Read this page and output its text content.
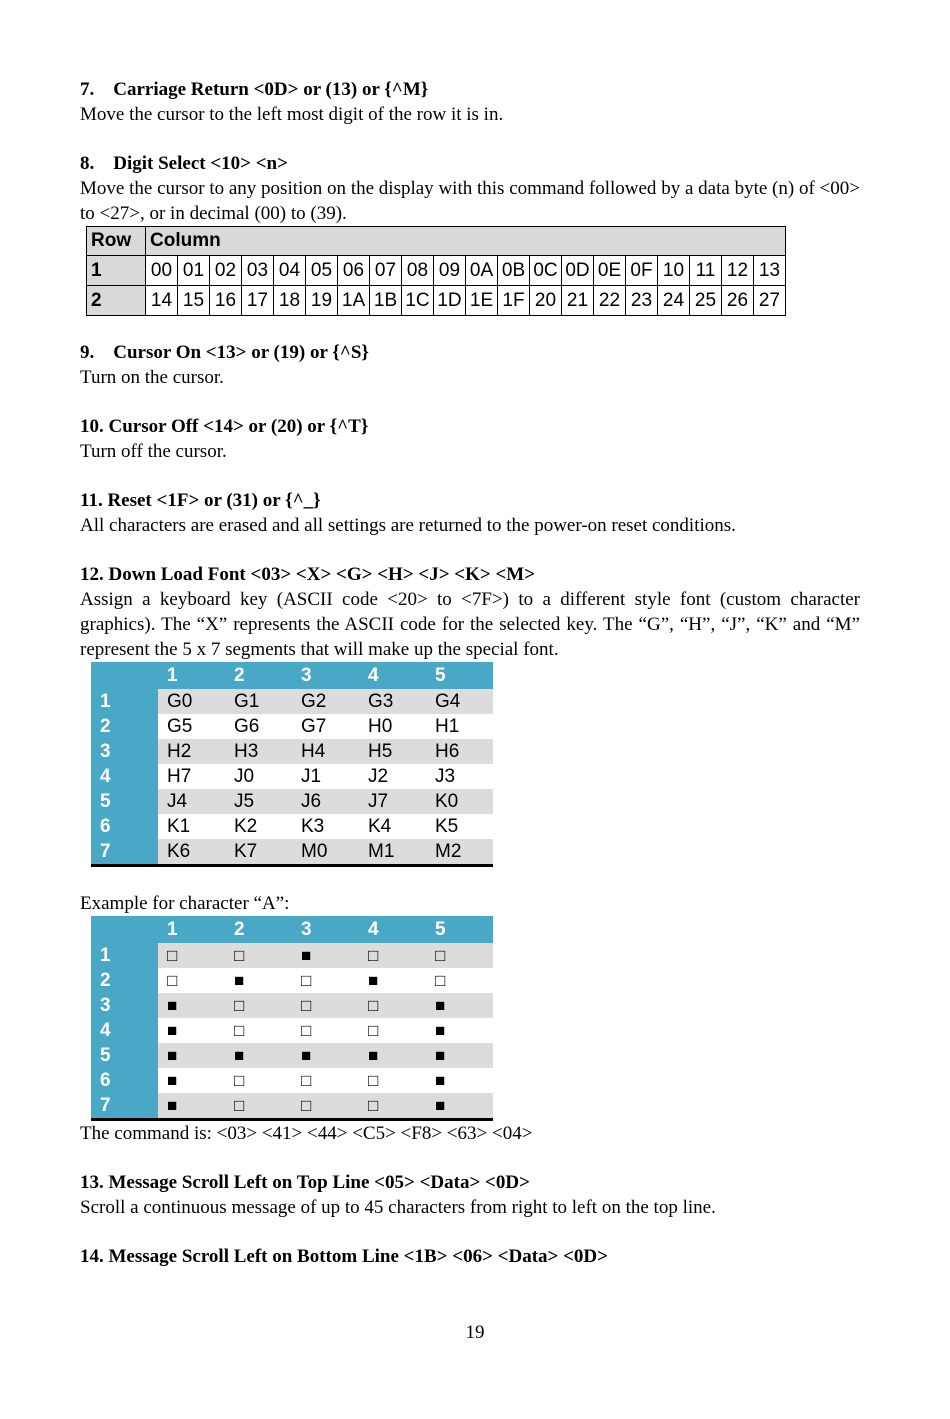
7. Carriage Return <0D> or (13) or {^M}

Move the cursor to the left most digit of the row it is in.

8. Digit Select <10> <n>

Move the cursor to any position on the display with this command followed by a data byte (n) of <00> to <27>, or in decimal (00) to (39).

Row	Column																			
1	00	01	02	03	04	05	06	07	08	09	0A	0B	0C	0D	0E	0F	10	11	12	13
2	14	15	16	17	18	19	1A	1B	1C	1D	1E	1F	20	21	22	23	24	25	26	27

9. Cursor On <13> or (19) or {^S}

Turn on the cursor.

10. Cursor Off <14> or (20) or {^T}

Turn off the cursor.

11. Reset <1F> or (31) or {^_}

All characters are erased and all settings are returned to the power-on reset conditions.

12. Down Load Font <03> <X> <G> <H> <J> <K> <M>

Assign a keyboard key (ASCII code <20> to <7F>) to a different style font (custom character graphics). The “X” represents the ASCII code for the selected key. The “G”, “H”, “J”, “K” and “M” represent the 5 x 7 segments that will make up the special font.

	1	2	3	4	5
1	G0	G1	G2	G3	G4
2	G5	G6	G7	H0	H1
3	H2	H3	H4	H5	H6
4	H7	J0	J1	J2	J3
5	J4	J5	J6	J7	K0
6	K1	K2	K3	K4	K5
7	K6	K7	M0	M1	M2

Example for character “A”:

	1	2	3	4	5
1	□	□	■	□	□
2	□	■	□	■	□
3	■	□	□	□	■
4	■	□	□	□	■
5	■	■	■	■	■
6	■	□	□	□	■
7	■	□	□	□	■

The command is: <03> <41> <44> <C5> <F8> <63> <04>

13. Message Scroll Left on Top Line <05> <Data> <0D>

Scroll a continuous message of up to 45 characters from right to left on the top line.

14. Message Scroll Left on Bottom Line <1B> <06> <Data> <0D>

19
